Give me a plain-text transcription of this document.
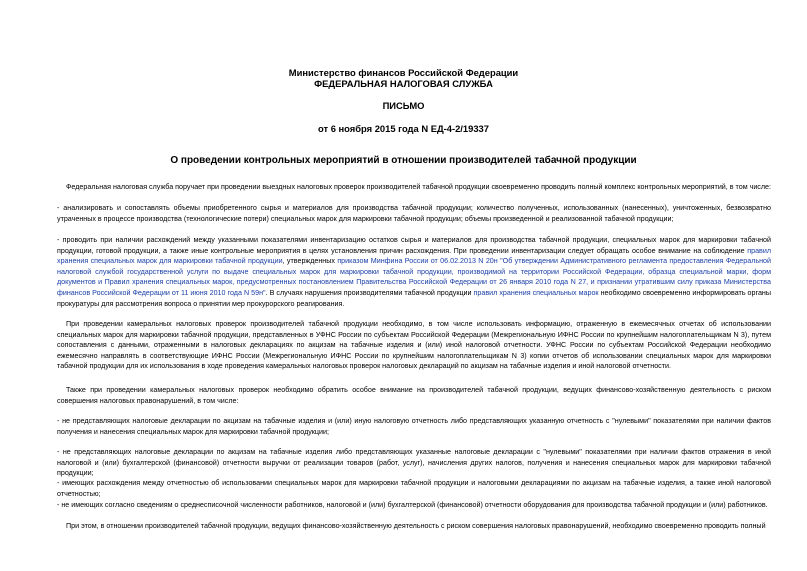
Министерство финансов Российской Федерации
ФЕДЕРАЛЬНАЯ НАЛОГОВАЯ СЛУЖБА
ПИСЬМО
от 6 ноября 2015 года N ЕД-4-2/19337
О проведении контрольных мероприятий в отношении производителей табачной продукции

Федеральная налоговая служба поручает при проведении выездных налоговых проверок производителей табачной продукции своевременно проводить полный комплекс контрольных мероприятий, в том числе:

- анализировать и сопоставлять объемы приобретенного сырья и материалов для производства табачной продукции; количество полученных, использованных (нанесенных), уничтоженных, безвозвратно утраченных в процессе производства (технологические потери) специальных марок для маркировки табачной продукции; объемы произведенной и реализованной табачной продукции;

- проводить при наличии расхождений между указанными показателями инвентаризацию остатков сырья и материалов для производства табачной продукции, специальных марок для маркировки табачной продукции, готовой продукции, а также иные контрольные мероприятия в целях установления причин расхождения. При проведении инвентаризации следует обращать особое внимание на соблюдение правил хранения специальных марок для маркировки табачной продукции, утвержденных приказом Минфина России от 06.02.2013 N 20н "Об утверждении Административного регламента предоставления Федеральной налоговой службой государственной услуги по выдаче специальных марок для маркировки табачной продукции, производимой на территории Российской Федерации, образца специальной марки, форм документов и Правил хранения специальных марок, предусмотренных постановлением Правительства Российской Федерации от 26 января 2010 года N 27, и признании утратившим силу приказа Министерства финансов Российской Федерации от 11 июня 2010 года N 59н". В случаях нарушения производителями табачной продукции правил хранения специальных марок необходимо своевременно информировать органы прокуратуры для рассмотрения вопроса о принятии мер прокурорского реагирования.

При проведении камеральных налоговых проверок производителей табачной продукции необходимо, в том числе использовать информацию, отраженную в ежемесячных отчетах об использовании специальных марок для маркировки табачной продукции, представленных в УФНС России по субъектам Российской Федерации (Межрегиональную ИФНС России по крупнейшим налогоплательщикам N 3), путем сопоставления с данными, отраженными в налоговых декларациях по акцизам на табачные изделия и (или) иной налоговой отчетности. УФНС России по субъектам Российской Федерации необходимо ежемесячно направлять в соответствующие ИФНС России (Межрегиональную ИФНС России по крупнейшим налогоплательщикам N 3) копии отчетов об использовании специальных марок для маркировки табачной продукции для их использования в ходе проведения камеральных налоговых проверок налоговых деклараций по акцизам на табачные изделия и иной налоговой отчетности.

Также при проведении камеральных налоговых проверок необходимо обратить особое внимание на производителей табачной продукции, ведущих финансово-хозяйственную деятельность с риском совершения налоговых правонарушений, в том числе:

- не представляющих налоговые декларации по акцизам на табачные изделия и (или) иную налоговую отчетность либо представляющих указанную отчетность с "нулевыми" показателями при наличии фактов получения и нанесения специальных марок для маркировки табачной продукции;

- не представляющих налоговые декларации по акцизам на табачные изделия либо представляющих указанные налоговые декларации с "нулевыми" показателями при наличии фактов отражения в иной налоговой и (или) бухгалтерской (финансовой) отчетности выручки от реализации товаров (работ, услуг), начисления других налогов, получения и нанесения специальных марок для маркировки табачной продукции;

- имеющих расхождения между отчетностью об использовании специальных марок для маркировки табачной продукции и налоговыми декларациями по акцизам на табачные изделия, а также иной налоговой отчетностью;

- не имеющих согласно сведениям о среднесписочной численности работников, налоговой и (или) бухгалтерской (финансовой) отчетности оборудования для производства табачной продукции и (или) работников.

При этом, в отношении производителей табачной продукции, ведущих финансово-хозяйственную деятельность с риском совершения налоговых правонарушений, необходимо своевременно проводить полный
